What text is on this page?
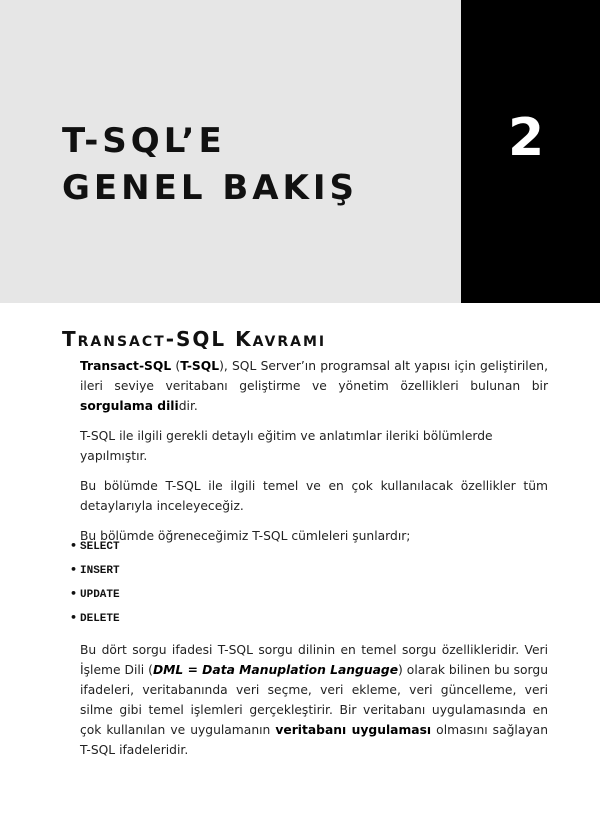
T-SQL’E
GENEL BAKIŞ
2
Transact-SQL Kavramı

Transact-SQL (T-SQL), SQL Server’ın programsal alt yapısı için geliştirilen, ileri seviye veritabanı geliştirme ve yönetim özellikleri bulunan bir sorgulama dilidir.

T-SQL ile ilgili gerekli detaylı eğitim ve anlatımlar ileriki bölümlerde yapılmıştır.

Bu bölümde T-SQL ile ilgili temel ve en çok kullanılacak özellikler tüm detaylarıyla inceleyeceğiz.

Bu bölümde öğreneceğimiz T-SQL cümleleri şunlardır;

• SELECT
• INSERT
• UPDATE
• DELETE

Bu dört sorgu ifadesi T-SQL sorgu dilinin en temel sorgu özellikleridir. Veri İşleme Dili (DML = Data Manuplation Language) olarak bilinen bu sorgu ifadeleri, veritabanında veri seçme, veri ekleme, veri güncelleme, veri silme gibi temel işlemleri gerçekleştirir. Bir veritabanı uygulamasında en çok kullanılan ve uygulamanın veritabanı uygulaması olmasını sağlayan T-SQL ifadeleridir.
